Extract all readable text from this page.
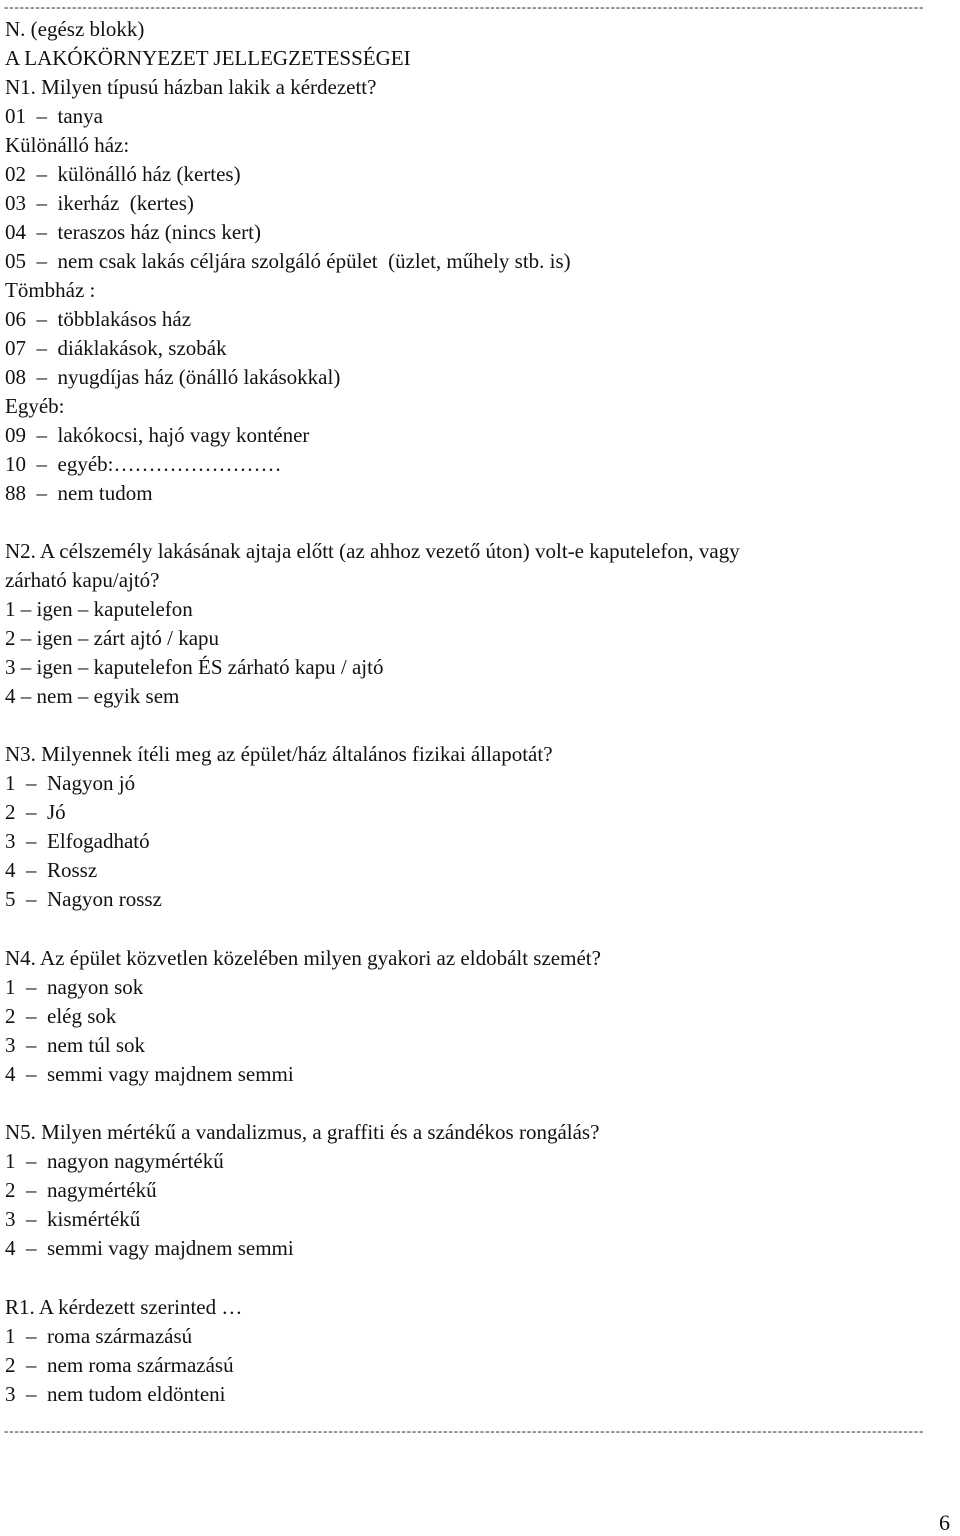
--------------------------------------------------------------------------------------------------------------------------------------------------------------------------------
N. (egész blokk)
A LAKÓKÖRNYEZET JELLEGZETESSÉGEI
N1. Milyen típusú házban lakik a kérdezett?
01  –  tanya
Különálló ház:
02  –  különálló ház (kertes)
03  –  ikerház  (kertes)
04  –  teraszos ház (nincs kert)
05  –  nem csak lakás céljára szolgáló épület  (üzlet, műhely stb. is)
Tömbház :
06  –  többlakásos ház
07  –  diáklakások, szobák
08  –  nyugdíjas ház (önálló lakásokkal)
Egyéb:
09  –  lakókocsi, hajó vagy konténer
10  –  egyéb:……………………
88  –  nem tudom
N2. A célszemély lakásának ajtaja előtt (az ahhoz vezető úton) volt-e kaputelefon, vagy
zárható kapu/ajtó?
1 – igen – kaputelefon
2 – igen – zárt ajtó / kapu
3 – igen – kaputelefon ÉS zárható kapu / ajtó
4 – nem – egyik sem
N3. Milyennek ítéli meg az épület/ház általános fizikai állapotát?
1  –  Nagyon jó
2  –  Jó
3  –  Elfogadható
4  –  Rossz
5  –  Nagyon rossz
N4. Az épület közvetlen közelében milyen gyakori az eldobált szemét?
1  –  nagyon sok
2  –  elég sok
3  –  nem túl sok
4  –  semmi vagy majdnem semmi
N5. Milyen mértékű a vandalizmus, a graffiti és a szándékos rongálás?
1  –  nagyon nagymértékű
2  –  nagymértékű
3  –  kismértékű
4  –  semmi vagy majdnem semmi
R1. A kérdezett szerinted …
1  –  roma származású
2  –  nem roma származású
3  –  nem tudom eldönteni
--------------------------------------------------------------------------------------------------------------------------------------------------------------------------------
6
